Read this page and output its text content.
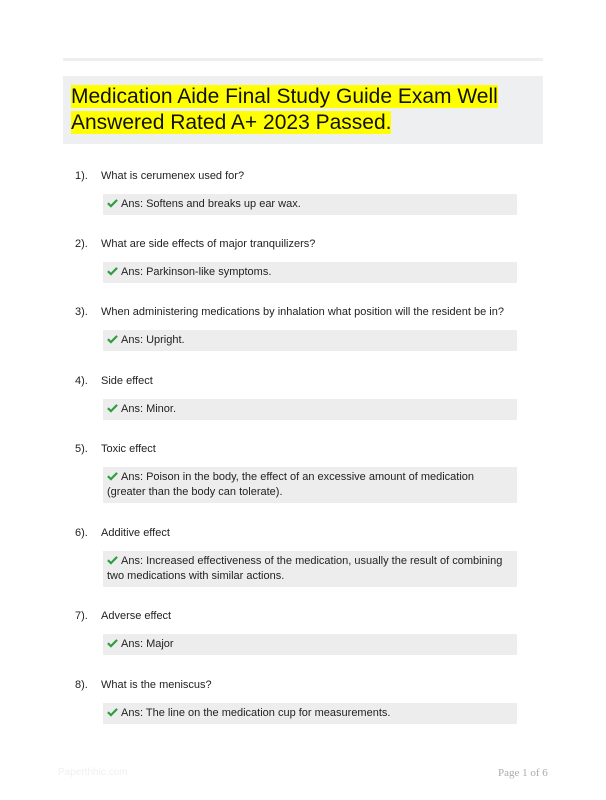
Medication Aide Final Study Guide Exam Well Answered Rated A+ 2023 Passed.
1). What is cerumenex used for?
Ans: Softens and breaks up ear wax.
2). What are side effects of major tranquilizers?
Ans: Parkinson-like symptoms.
3). When administering medications by inhalation what position will the resident be in?
Ans: Upright.
4). Side effect
Ans: Minor.
5). Toxic effect
Ans: Poison in the body, the effect of an excessive amount of medication (greater than the body can tolerate).
6). Additive effect
Ans: Increased effectiveness of the medication, usually the result of combining two medications with similar actions.
7). Adverse effect
Ans: Major
8). What is the meniscus?
Ans: The line on the medication cup for measurements.
Paperthhic.com	Page 1 of 6
